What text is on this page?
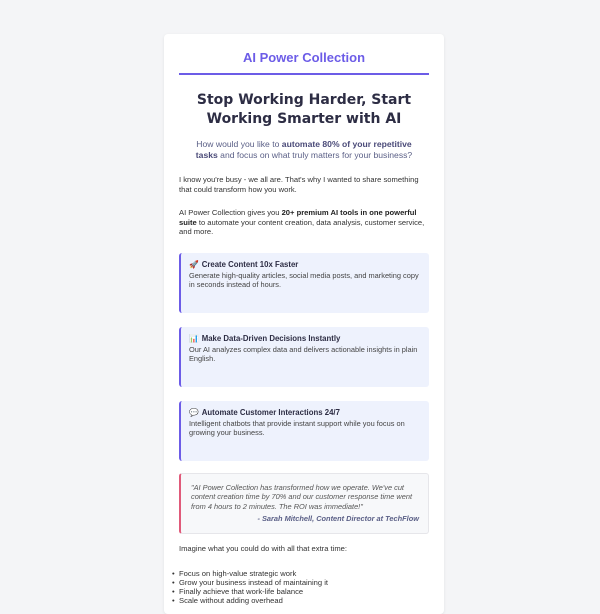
AI Power Collection
Stop Working Harder, Start Working Smarter with AI
How would you like to automate 80% of your repetitive tasks and focus on what truly matters for your business?
I know you're busy - we all are. That's why I wanted to share something that could transform how you work.
AI Power Collection gives you 20+ premium AI tools in one powerful suite to automate your content creation, data analysis, customer service, and more.
🚀 Create Content 10x Faster
Generate high-quality articles, social media posts, and marketing copy in seconds instead of hours.
📊 Make Data-Driven Decisions Instantly
Our AI analyzes complex data and delivers actionable insights in plain English.
💬 Automate Customer Interactions 24/7
Intelligent chatbots that provide instant support while you focus on growing your business.
"AI Power Collection has transformed how we operate. We've cut content creation time by 70% and our customer response time went from 4 hours to 2 minutes. The ROI was immediate!"
- Sarah Mitchell, Content Director at TechFlow
Imagine what you could do with all that extra time:
• Focus on high-value strategic work
• Grow your business instead of maintaining it
• Finally achieve that work-life balance
• Scale without adding overhead
